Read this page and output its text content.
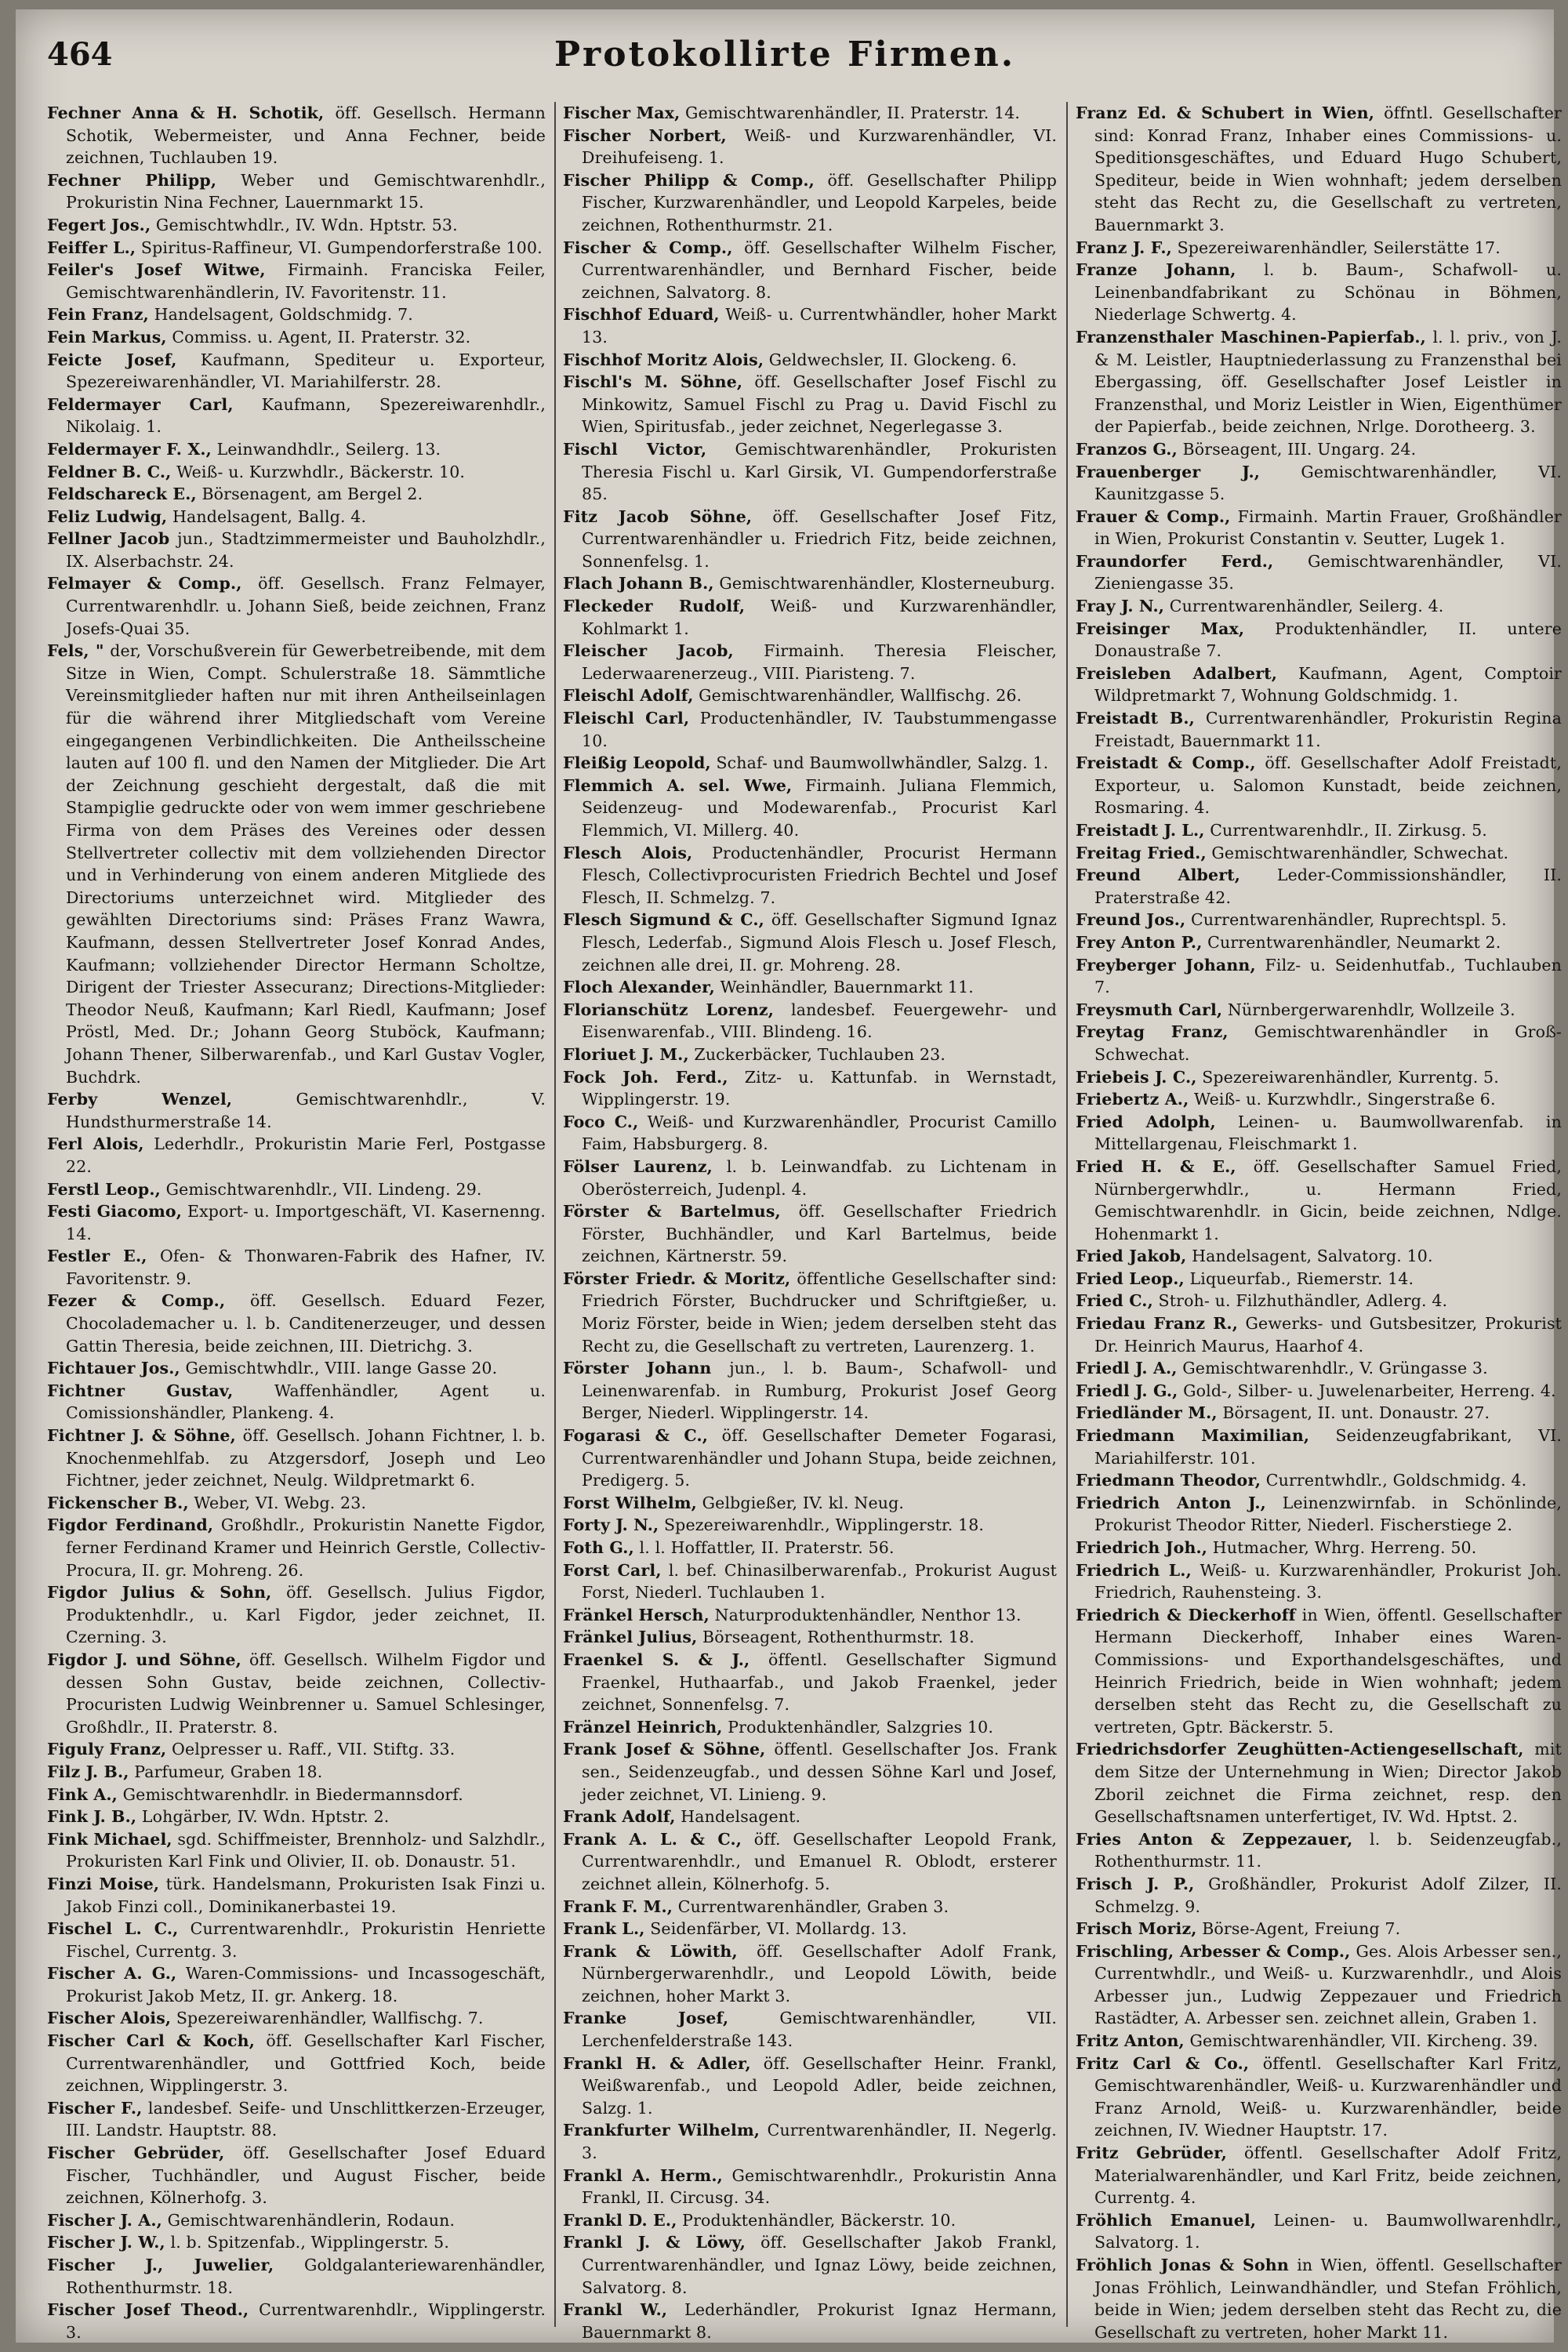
464	Protokollirte Firmen.

Fechner Anna & H. Schotik, öff. Gesellsch. Hermann Schotik, Webermeister, und Anna Fechner, beide zeichnen, Tuchlauben 19.

Fechner Philipp, Weber und Gemischtwarenhdlr., Prokuristin Nina Fechner, Lauernmarkt 15.

Fegert Jos., Gemischtwhdlr., IV. Wdn. Hptstr. 53.

Feiffer L., Spiritus-Raffineur, VI. Gumpendorferstraße 100.

Feiler's Josef Witwe, Firmainh. Franciska Feiler, Gemischtwarenhändlerin, IV. Favoritenstr. 11.

Fein Franz, Handelsagent, Goldschmidg. 7.

Fein Markus, Commiss. u. Agent, II. Praterstr. 32.

Feicte Josef, Kaufmann, Spediteur u. Exporteur, Spezereiwarenhändler, VI. Mariahilferstr. 28.

Feldermayer Carl, Kaufmann, Spezereiwarenhdlr., Nikolaig. 1.

Feldermayer F. X., Leinwandhdlr., Seilerg. 13.

Feldner B. C., Weiß- u. Kurzwhdlr., Bäckerstr. 10.

Feldschareck E., Börsenagent, am Bergel 2.

Feliz Ludwig, Handelsagent, Ballg. 4.

Fellner Jacob jun., Stadtzimmermeister und Bauholzhdlr., IX. Alserbachstr. 24.

Felmayer & Comp., öff. Gesellsch. Franz Felmayer, Currentwarenhdlr. u. Johann Sieß, beide zeichnen, Franz Josefs-Quai 35.

Fels, " der, Vorschußverein für Gewerbetreibende, mit dem Sitze in Wien, Compt. Schulerstraße 18. Sämmtliche Vereinsmitglieder haften nur mit ihren Antheilseinlagen für die während ihrer Mitgliedschaft vom Vereine eingegangenen Verbindlichkeiten. Die Antheilsscheine lauten auf 100 fl. und den Namen der Mitglieder. Die Art der Zeichnung geschieht dergestalt, daß die mit Stampiglie gedruckte oder von wem immer geschriebene Firma von dem Präses des Vereines oder dessen Stellvertreter collectiv mit dem vollziehenden Director und in Verhinderung von einem anderen Mitgliede des Directoriums unterzeichnet wird. Mitglieder des gewählten Directoriums sind: Präses Franz Wawra, Kaufmann, dessen Stellvertreter Josef Konrad Andes, Kaufmann; vollziehender Director Hermann Scholtze, Dirigent der Triester Assecuranz; Directions-Mitglieder: Theodor Neuß, Kaufmann; Karl Riedl, Kaufmann; Josef Pröstl, Med. Dr.; Johann Georg Stuböck, Kaufmann; Johann Thener, Silberwarenfab., und Karl Gustav Vogler, Buchdrk.

Ferby Wenzel, Gemischtwarenhdlr., V. Hundsthurmerstraße 14.

Ferl Alois, Lederhdlr., Prokuristin Marie Ferl, Postgasse 22.

Ferstl Leop., Gemischtwarenhdlr., VII. Lindeng. 29.

Festi Giacomo, Export- u. Importgeschäft, VI. Kasernenng. 14.

Festler E., Ofen- & Thonwaren-Fabrik des Hafner, IV. Favoritenstr. 9.

Fezer & Comp., öff. Gesellsch. Eduard Fezer, Chocolademacher u. l. b. Canditenerzeuger, und dessen Gattin Theresia, beide zeichnen, III. Dietrichg. 3.

Fichtauer Jos., Gemischtwhdlr., VIII. lange Gasse 20.

Fichtner Gustav, Waffenhändler, Agent u. Comissionshändler, Plankeng. 4.

Fichtner J. & Söhne, öff. Gesellsch. Johann Fichtner, l. b. Knochenmehlfab. zu Atzgersdorf, Joseph und Leo Fichtner, jeder zeichnet, Neulg. Wildpretmarkt 6.

Fickenscher B., Weber, VI. Webg. 23.

Figdor Ferdinand, Großhdlr., Prokuristin Nanette Figdor, ferner Ferdinand Kramer und Heinrich Gerstle, Collectiv-Procura, II. gr. Mohreng. 26.

Figdor Julius & Sohn, öff. Gesellsch. Julius Figdor, Produktenhdlr., u. Karl Figdor, jeder zeichnet, II. Czerning. 3.

Figdor J. und Söhne, öff. Gesellsch. Wilhelm Figdor und dessen Sohn Gustav, beide zeichnen, Collectiv-Procuristen Ludwig Weinbrenner u. Samuel Schlesinger, Großhdlr., II. Praterstr. 8.

Figuly Franz, Oelpresser u. Raff., VII. Stiftg. 33.

Filz J. B., Parfumeur, Graben 18.

Fink A., Gemischtwarenhdlr. in Biedermannsdorf.

Fink J. B., Lohgärber, IV. Wdn. Hptstr. 2.

Fink Michael, sgd. Schiffmeister, Brennholz- und Salzhdlr., Prokuristen Karl Fink und Olivier, II. ob. Donaustr. 51.

Finzi Moise, türk. Handelsmann, Prokuristen Isak Finzi u. Jakob Finzi coll., Dominikanerbastei 19.

Fischel L. C., Currentwarenhdlr., Prokuristin Henriette Fischel, Currentg. 3.

Fischer A. G., Waren-Commissions- und Incassogeschäft, Prokurist Jakob Metz, II. gr. Ankerg. 18.

Fischer Alois, Spezereiwarenhändler, Wallfischg. 7.

Fischer Carl & Koch, öff. Gesellschafter Karl Fischer, Currentwarenhändler, und Gottfried Koch, beide zeichnen, Wipplingerstr. 3.

Fischer F., landesbef. Seife- und Unschlittkerzen-Erzeuger, III. Landstr. Hauptstr. 88.

Fischer Gebrüder, öff. Gesellschafter Josef Eduard Fischer, Tuchhändler, und August Fischer, beide zeichnen, Kölnerhofg. 3.

Fischer J. A., Gemischtwarenhändlerin, Rodaun.

Fischer J. W., l. b. Spitzenfab., Wipplingerstr. 5.

Fischer J., Juwelier, Goldgalanteriewarenhändler, Rothenthurmstr. 18.

Fischer Josef Theod., Currentwarenhdlr., Wipplingerstr. 3.

Fischer Max, Gemischtwarenhändler, II. Praterstr. 14.

Fischer Norbert, Weiß- und Kurzwarenhändler, VI. Dreihufeiseng. 1.

Fischer Philipp & Comp., öff. Gesellschafter Philipp Fischer, Kurzwarenhändler, und Leopold Karpeles, beide zeichnen, Rothenthurmstr. 21.

Fischer & Comp., öff. Gesellschafter Wilhelm Fischer, Currentwarenhändler, und Bernhard Fischer, beide zeichnen, Salvatorg. 8.

Fischhof Eduard, Weiß- u. Currentwhändler, hoher Markt 13.

Fischhof Moritz Alois, Geldwechsler, II. Glockeng. 6.

Fischl's M. Söhne, öff. Gesellschafter Josef Fischl zu Minkowitz, Samuel Fischl zu Prag u. David Fischl zu Wien, Spiritusfab., jeder zeichnet, Negerlegasse 3.

Fischl Victor, Gemischtwarenhändler, Prokuristen Theresia Fischl u. Karl Girsik, VI. Gumpendorferstraße 85.

Fitz Jacob Söhne, öff. Gesellschafter Josef Fitz, Currentwarenhändler u. Friedrich Fitz, beide zeichnen, Sonnenfelsg. 1.

Flach Johann B., Gemischtwarenhändler, Klosterneuburg.

Fleckeder Rudolf, Weiß- und Kurzwarenhändler, Kohlmarkt 1.

Fleischer Jacob, Firmainh. Theresia Fleischer, Lederwaarenerzeug., VIII. Piaristeng. 7.

Fleischl Adolf, Gemischtwarenhändler, Wallfischg. 26.

Fleischl Carl, Productenhändler, IV. Taubstummengasse 10.

Fleißig Leopold, Schaf- und Baumwollwhändler, Salzg. 1.

Flemmich A. sel. Wwe, Firmainh. Juliana Flemmich, Seidenzeug- und Modewarenfab., Procurist Karl Flemmich, VI. Millerg. 40.

Flesch Alois, Productenhändler, Procurist Hermann Flesch, Collectivprocuristen Friedrich Bechtel und Josef Flesch, II. Schmelzg. 7.

Flesch Sigmund & C., öff. Gesellschafter Sigmund Ignaz Flesch, Lederfab., Sigmund Alois Flesch u. Josef Flesch, zeichnen alle drei, II. gr. Mohreng. 28.

Floch Alexander, Weinhändler, Bauernmarkt 11.

Florianschütz Lorenz, landesbef. Feuergewehr- und Eisenwarenfab., VIII. Blindeng. 16.

Floriuet J. M., Zuckerbäcker, Tuchlauben 23.

Fock Joh. Ferd., Zitz- u. Kattunfab. in Wernstadt, Wipplingerstr. 19.

Foco C., Weiß- und Kurzwarenhändler, Procurist Camillo Faim, Habsburgerg. 8.

Fölser Laurenz, l. b. Leinwandfab. zu Lichtenam in Oberösterreich, Judenpl. 4.

Förster & Bartelmus, öff. Gesellschafter Friedrich Förster, Buchhändler, und Karl Bartelmus, beide zeichnen, Kärtnerstr. 59.

Förster Friedr. & Moritz, öffentliche Gesellschafter sind: Friedrich Förster, Buchdrucker und Schriftgießer, u. Moriz Förster, beide in Wien; jedem derselben steht das Recht zu, die Gesellschaft zu vertreten, Laurenzerg. 1.

Förster Johann jun., l. b. Baum-, Schafwoll- und Leinenwarenfab. in Rumburg, Prokurist Josef Georg Berger, Niederl. Wipplingerstr. 14.

Fogarasi & C., öff. Gesellschafter Demeter Fogarasi, Currentwarenhändler und Johann Stupa, beide zeichnen, Predigerg. 5.

Forst Wilhelm, Gelbgießer, IV. kl. Neug.

Forty J. N., Spezereiwarenhdlr., Wipplingerstr. 18.

Foth G., l. l. Hoffattler, II. Praterstr. 56.

Forst Carl, l. bef. Chinasilberwarenfab., Prokurist August Forst, Niederl. Tuchlauben 1.

Fränkel Hersch, Naturproduktenhändler, Nenthor 13.

Fränkel Julius, Börseagent, Rothenthurmstr. 18.

Fraenkel S. & J., öffentl. Gesellschafter Sigmund Fraenkel, Huthaarfab., und Jakob Fraenkel, jeder zeichnet, Sonnenfelsg. 7.

Fränzel Heinrich, Produktenhändler, Salzgries 10.

Frank Josef & Söhne, öffentl. Gesellschafter Jos. Frank sen., Seidenzeugfab., und dessen Söhne Karl und Josef, jeder zeichnet, VI. Linieng. 9.

Frank Adolf, Handelsagent.

Frank A. L. & C., öff. Gesellschafter Leopold Frank, Currentwarenhdlr., und Emanuel R. Oblodt, ersterer zeichnet allein, Kölnerhofg. 5.

Frank F. M., Currentwarenhändler, Graben 3.

Frank L., Seidenfärber, VI. Mollardg. 13.

Frank & Löwith, öff. Gesellschafter Adolf Frank, Nürnbergerwarenhdlr., und Leopold Löwith, beide zeichnen, hoher Markt 3.

Franke Josef, Gemischtwarenhändler, VII. Lerchenfelderstraße 143.

Frankl H. & Adler, öff. Gesellschafter Heinr. Frankl, Weißwarenfab., und Leopold Adler, beide zeichnen, Salzg. 1.

Frankfurter Wilhelm, Currentwarenhändler, II. Negerlg. 3.

Frankl A. Herm., Gemischtwarenhdlr., Prokuristin Anna Frankl, II. Circusg. 34.

Frankl D. E., Produktenhändler, Bäckerstr. 10.

Frankl J. & Löwy, öff. Gesellschafter Jakob Frankl, Currentwarenhändler, und Ignaz Löwy, beide zeichnen, Salvatorg. 8.

Frankl W., Lederhändler, Prokurist Ignaz Hermann, Bauernmarkt 8.

Franz Ed. & Schubert in Wien, öffntl. Gesellschafter sind: Konrad Franz, Inhaber eines Commissions- u. Speditionsgeschäftes, und Eduard Hugo Schubert, Spediteur, beide in Wien wohnhaft; jedem derselben steht das Recht zu, die Gesellschaft zu vertreten, Bauernmarkt 3.

Franz J. F., Spezereiwarenhändler, Seilerstätte 17.

Franze Johann, l. b. Baum-, Schafwoll- u. Leinenbandfabrikant zu Schönau in Böhmen, Niederlage Schwertg. 4.

Franzensthaler Maschinen-Papierfab., l. l. priv., von J. & M. Leistler, Hauptniederlassung zu Franzensthal bei Ebergassing, öff. Gesellschafter Josef Leistler in Franzensthal, und Moriz Leistler in Wien, Eigenthümer der Papierfab., beide zeichnen, Nrlge. Dorotheerg. 3.

Franzos G., Börseagent, III. Ungarg. 24.

Frauenberger J., Gemischtwarenhändler, VI. Kaunitzgasse 5.

Frauer & Comp., Firmainh. Martin Frauer, Großhändler in Wien, Prokurist Constantin v. Seutter, Lugek 1.

Fraundorfer Ferd., Gemischtwarenhändler, VI. Zieniengasse 35.

Fray J. N., Currentwarenhändler, Seilerg. 4.

Freisinger Max, Produktenhändler, II. untere Donaustraße 7.

Freisleben Adalbert, Kaufmann, Agent, Comptoir Wildpretmarkt 7, Wohnung Goldschmidg. 1.

Freistadt B., Currentwarenhändler, Prokuristin Regina Freistadt, Bauernmarkt 11.

Freistadt & Comp., öff. Gesellschafter Adolf Freistadt, Exporteur, u. Salomon Kunstadt, beide zeichnen, Rosmaring. 4.

Freistadt J. L., Currentwarenhdlr., II. Zirkusg. 5.

Freitag Fried., Gemischtwarenhändler, Schwechat.

Freund Albert, Leder-Commissionshändler, II. Praterstraße 42.

Freund Jos., Currentwarenhändler, Ruprechtspl. 5.

Frey Anton P., Currentwarenhändler, Neumarkt 2.

Freyberger Johann, Filz- u. Seidenhutfab., Tuchlauben 7.

Freysmuth Carl, Nürnbergerwarenhdlr, Wollzeile 3.

Freytag Franz, Gemischtwarenhändler in Groß-Schwechat.

Friebeis J. C., Spezereiwarenhändler, Kurrentg. 5.

Friebertz A., Weiß- u. Kurzwhdlr., Singerstraße 6.

Fried Adolph, Leinen- u. Baumwollwarenfab. in Mittellargenau, Fleischmarkt 1.

Fried H. & E., öff. Gesellschafter Samuel Fried, Nürnbergerwhdlr., u. Hermann Fried, Gemischtwarenhdlr. in Gicin, beide zeichnen, Ndlge. Hohenmarkt 1.

Fried Jakob, Handelsagent, Salvatorg. 10.

Fried Leop., Liqueurfab., Riemerstr. 14.

Fried C., Stroh- u. Filzhuthändler, Adlerg. 4.

Friedau Franz R., Gewerks- und Gutsbesitzer, Prokurist Dr. Heinrich Maurus, Haarhof 4.

Friedl J. A., Gemischtwarenhdlr., V. Grüngasse 3.

Friedl J. G., Gold-, Silber- u. Juwelenarbeiter, Herreng. 4.

Friedländer M., Börsagent, II. unt. Donaustr. 27.

Friedmann Maximilian, Seidenzeugfabrikant, VI. Mariahilferstr. 101.

Friedmann Theodor, Currentwhdlr., Goldschmidg. 4.

Friedrich Anton J., Leinenzwirnfab. in Schönlinde, Prokurist Theodor Ritter, Niederl. Fischerstiege 2.

Friedrich Joh., Hutmacher, Whrg. Herreng. 50.

Friedrich L., Weiß- u. Kurzwarenhändler, Prokurist Joh. Friedrich, Rauhensteing. 3.

Friedrich & Dieckerhoff in Wien, öffentl. Gesellschafter Hermann Dieckerhoff, Inhaber eines Waren-Commissions- und Exporthandelsgeschäftes, und Heinrich Friedrich, beide in Wien wohnhaft; jedem derselben steht das Recht zu, die Gesellschaft zu vertreten, Gptr. Bäckerstr. 5.

Friedrichsdorfer Zeughütten-Actiengesellschaft, mit dem Sitze der Unternehmung in Wien; Director Jakob Zboril zeichnet die Firma zeichnet, resp. den Gesellschaftsnamen unterfertiget, IV. Wd. Hptst. 2.

Fries Anton & Zeppezauer, l. b. Seidenzeugfab., Rothenthurmstr. 11.

Frisch J. P., Großhändler, Prokurist Adolf Zilzer, II. Schmelzg. 9.

Frisch Moriz, Börse-Agent, Freiung 7.

Frischling, Arbesser & Comp., Ges. Alois Arbesser sen., Currentwhdlr., und Weiß- u. Kurzwarenhdlr., und Alois Arbesser jun., Ludwig Zeppezauer und Friedrich Rastädter, A. Arbesser sen. zeichnet allein, Graben 1.

Fritz Anton, Gemischtwarenhändler, VII. Kircheng. 39.

Fritz Carl & Co., öffentl. Gesellschafter Karl Fritz, Gemischtwarenhändler, Weiß- u. Kurzwarenhändler und Franz Arnold, Weiß- u. Kurzwarenhändler, beide zeichnen, IV. Wiedner Hauptstr. 17.

Fritz Gebrüder, öffentl. Gesellschafter Adolf Fritz, Materialwarenhändler, und Karl Fritz, beide zeichnen, Currentg. 4.

Fröhlich Emanuel, Leinen- u. Baumwollwarenhdlr., Salvatorg. 1.

Fröhlich Jonas & Sohn in Wien, öffentl. Gesellschafter Jonas Fröhlich, Leinwandhändler, und Stefan Fröhlich, beide in Wien; jedem derselben steht das Recht zu, die Gesellschaft zu vertreten, hoher Markt 11.
